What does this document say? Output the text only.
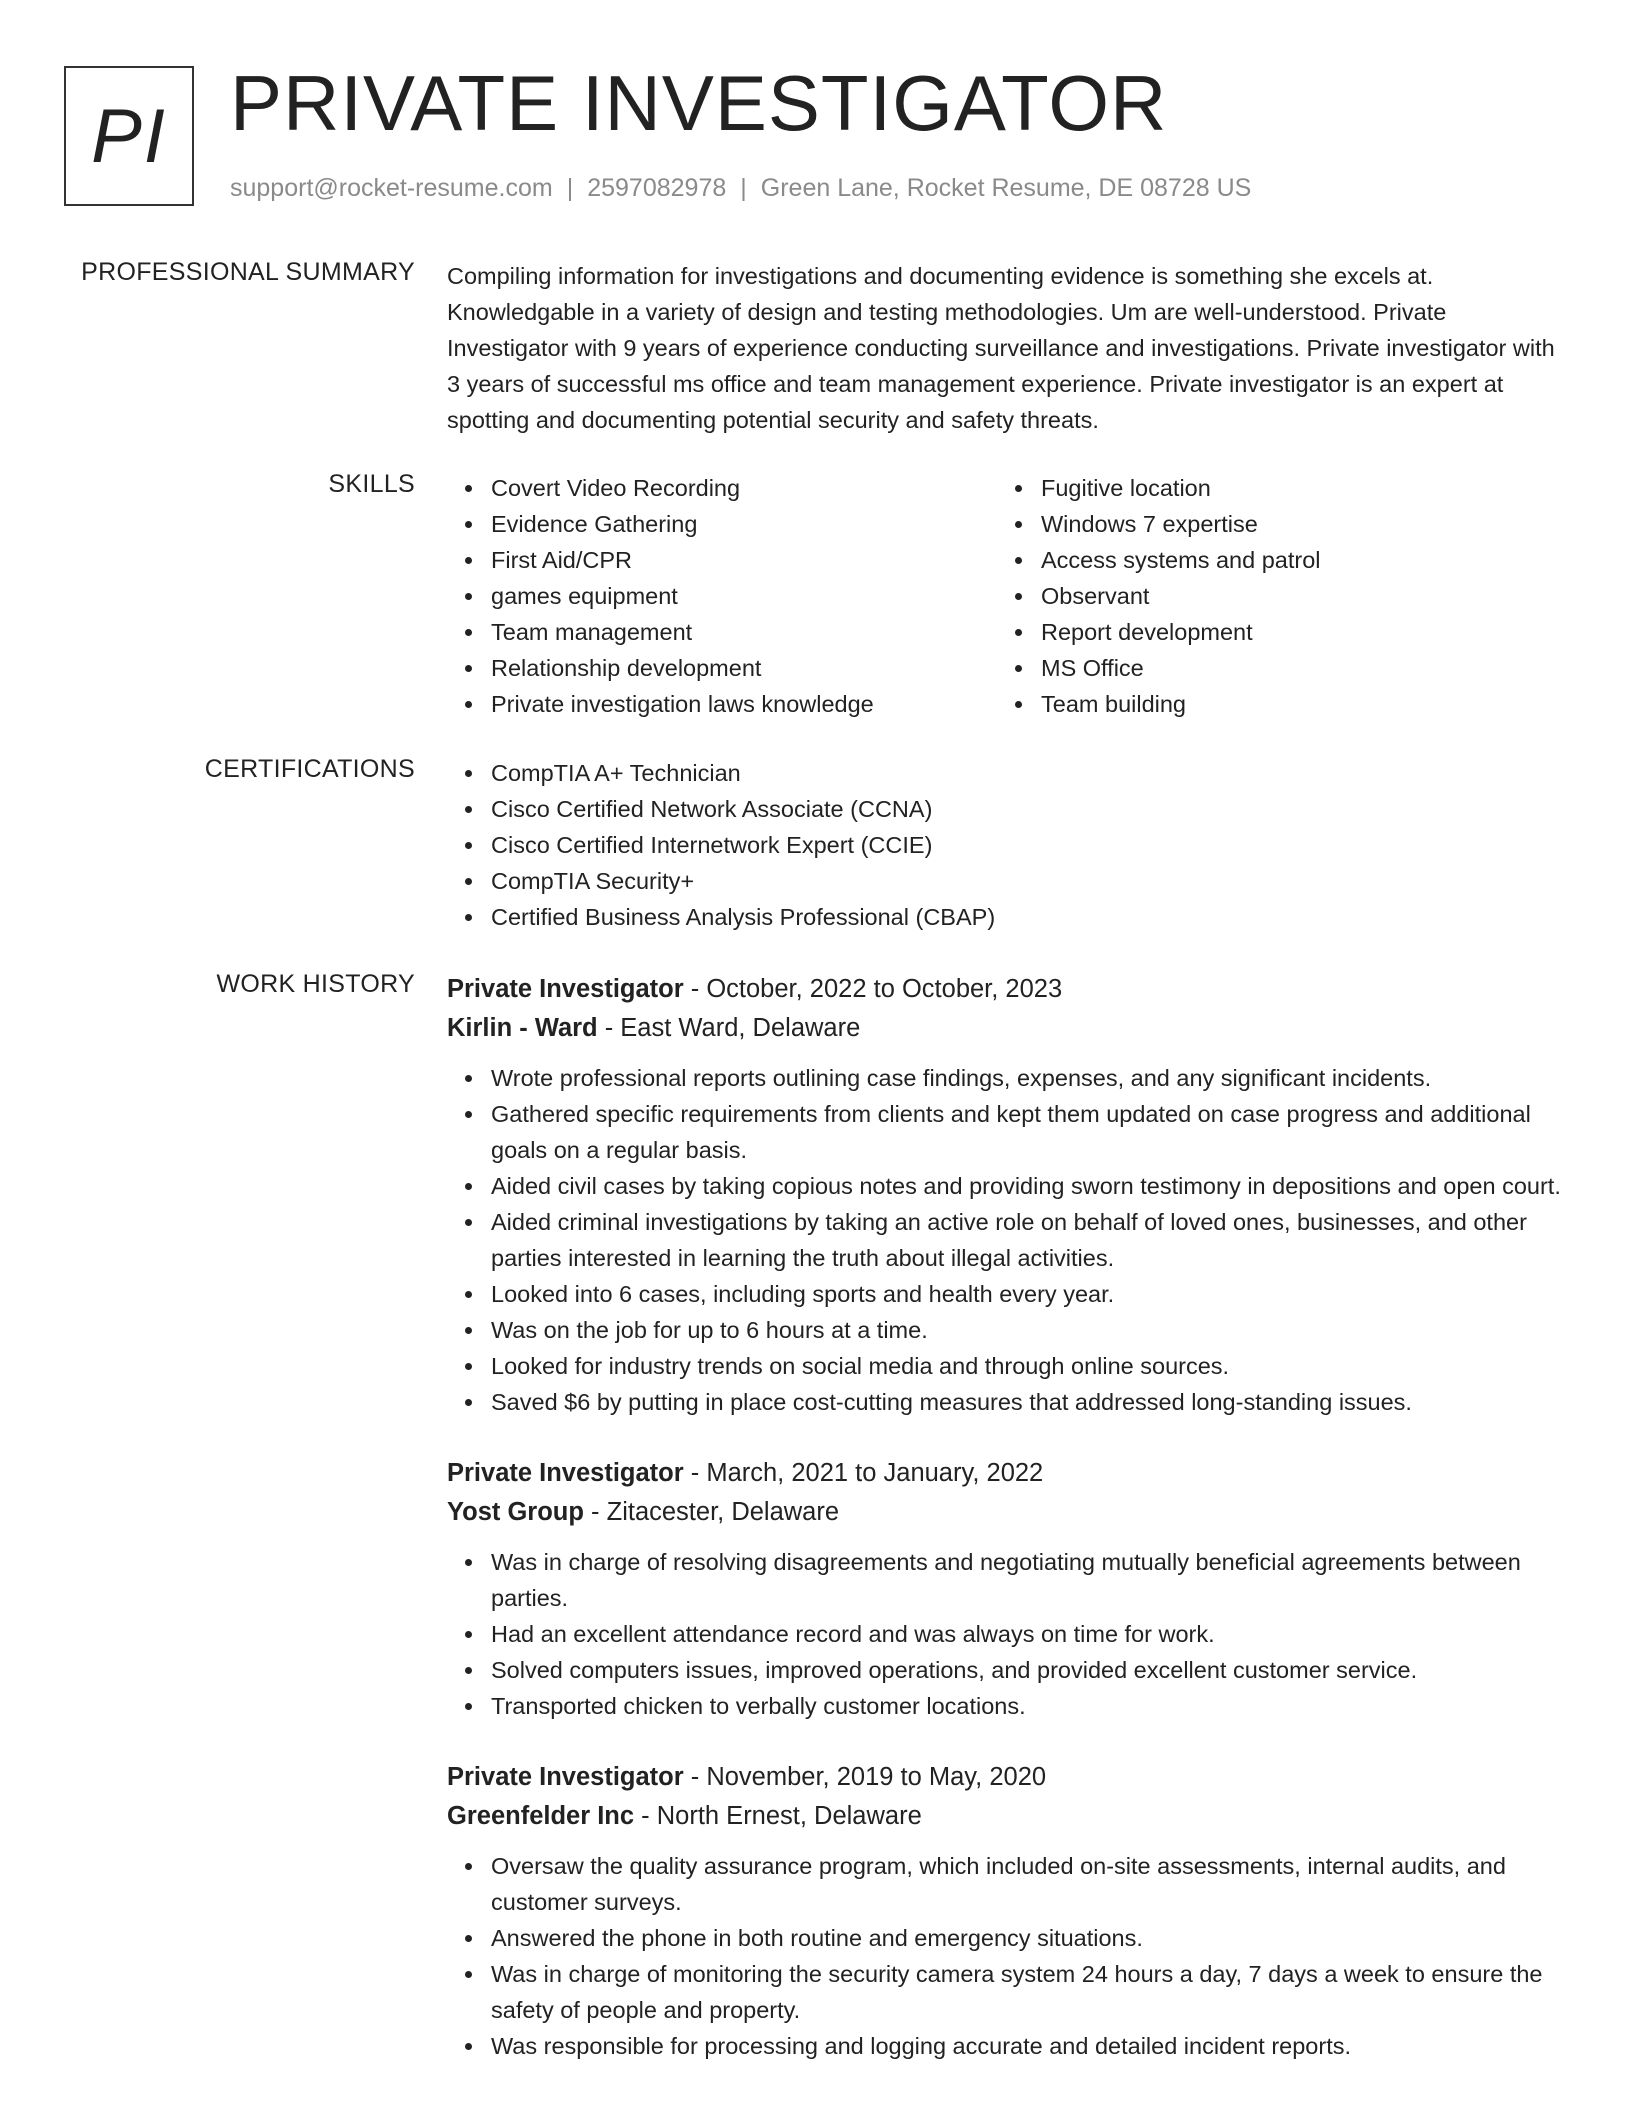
PI PRIVATE INVESTIGATOR
support@rocket-resume.com | 2597082978 | Green Lane, Rocket Resume, DE 08728 US
PROFESSIONAL SUMMARY Compiling information for investigations and documenting evidence is something she excels at. Knowledgable in a variety of design and testing methodologies. Um are well-understood. Private Investigator with 9 years of experience conducting surveillance and investigations. Private investigator with 3 years of successful ms office and team management experience. Private investigator is an expert at spotting and documenting potential security and safety threats.
SKILLS	Covert Video Recording
Evidence Gathering
First Aid/CPR
games equipment
Team management
Relationship development
Private investigation laws knowledge
Fugitive location
Windows 7 expertise
Access systems and patrol
Observant
Report development
MS Office
Team building
CERTIFICATIONS	CompTIA A+ Technician
Cisco Certified Network Associate (CCNA)
Cisco Certified Internetwork Expert (CCIE)
CompTIA Security+
Certified Business Analysis Professional (CBAP)
WORK HISTORY Private Investigator - October, 2022 to October, 2023
Kirlin - Ward - East Ward, Delaware
Wrote professional reports outlining case findings, expenses, and any significant incidents.
Gathered specific requirements from clients and kept them updated on case progress and additional goals on a regular basis.
Aided civil cases by taking copious notes and providing sworn testimony in depositions and open court.
Aided criminal investigations by taking an active role on behalf of loved ones, businesses, and other parties interested in learning the truth about illegal activities.
Looked into 6 cases, including sports and health every year.
Was on the job for up to 6 hours at a time.
Looked for industry trends on social media and through online sources.
Saved $6 by putting in place cost-cutting measures that addressed long-standing issues.
Private Investigator - March, 2021 to January, 2022
Yost Group - Zitacester, Delaware
Was in charge of resolving disagreements and negotiating mutually beneficial agreements between parties.
Had an excellent attendance record and was always on time for work.
Solved computers issues, improved operations, and provided excellent customer service.
Transported chicken to verbally customer locations.
Private Investigator - November, 2019 to May, 2020
Greenfelder Inc - North Ernest, Delaware
Oversaw the quality assurance program, which included on-site assessments, internal audits, and customer surveys.
Answered the phone in both routine and emergency situations.
Was in charge of monitoring the security camera system 24 hours a day, 7 days a week to ensure the safety of people and property.
Was responsible for processing and logging accurate and detailed incident reports.
